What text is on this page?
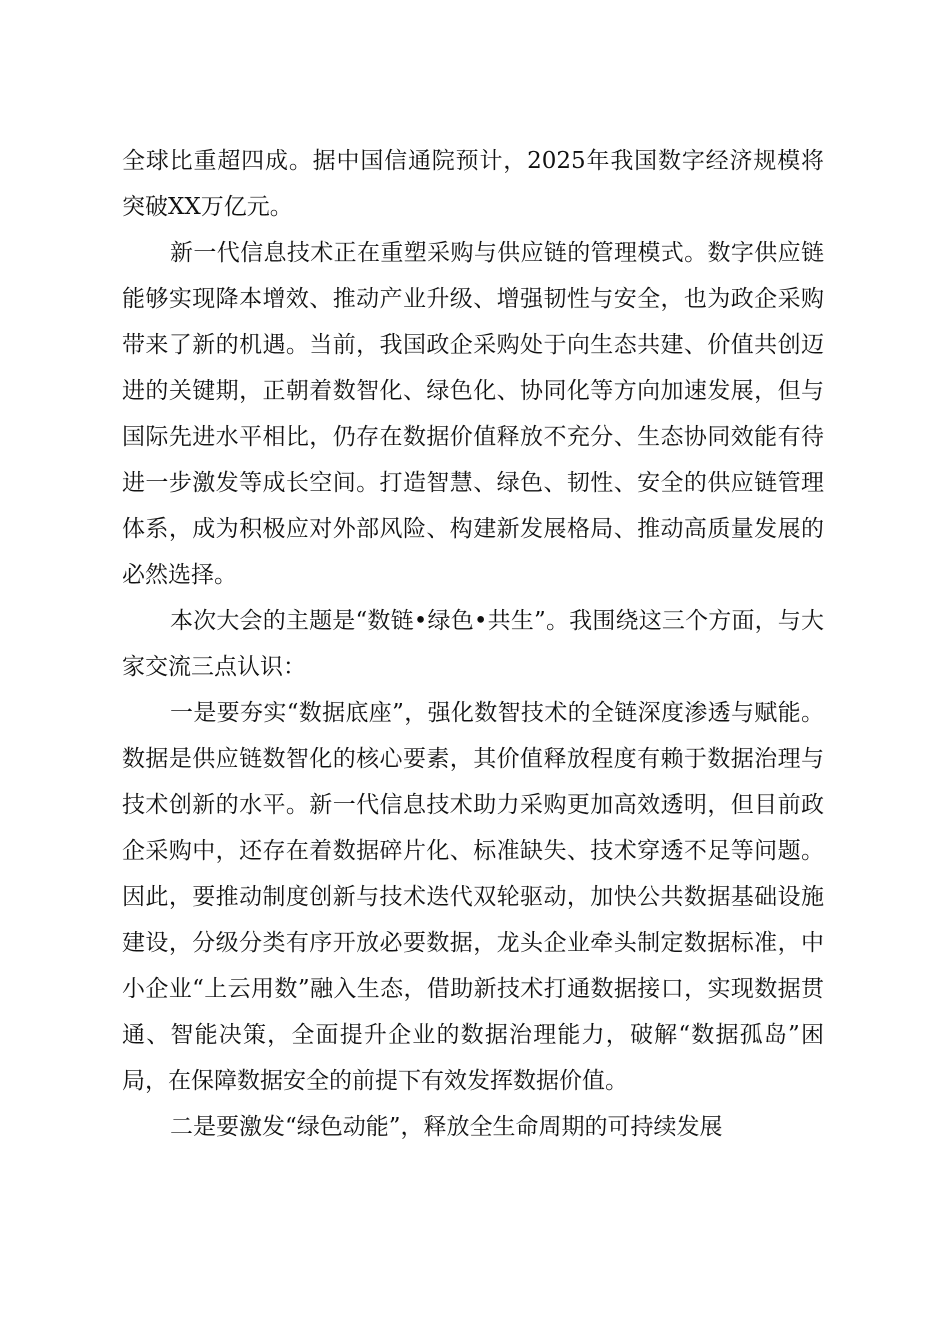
全球比重超四成。据中国信通院预计，2025年我国数字经济规模将突破XX万亿元。

新一代信息技术正在重塑采购与供应链的管理模式。数字供应链能够实现降本增效、推动产业升级、增强韧性与安全，也为政企采购带来了新的机遇。当前，我国政企采购处于向生态共建、价值共创迈进的关键期，正朝着数智化、绿色化、协同化等方向加速发展，但与国际先进水平相比，仍存在数据价值释放不充分、生态协同效能有待进一步激发等成长空间。打造智慧、绿色、韧性、安全的供应链管理体系，成为积极应对外部风险、构建新发展格局、推动高质量发展的必然选择。

本次大会的主题是“数链•绿色•共生”。我围绕这三个方面，与大家交流三点认识：

一是要夯实“数据底座”，强化数智技术的全链深度渗透与赋能。数据是供应链数智化的核心要素，其价值释放程度有赖于数据治理与技术创新的水平。新一代信息技术助力采购更加高效透明，但目前政企采购中，还存在着数据碎片化、标准缺失、技术穿透不足等问题。因此，要推动制度创新与技术迭代双轮驱动，加快公共数据基础设施建设，分级分类有序开放必要数据，龙头企业牵头制定数据标准，中小企业“上云用数”融入生态，借助新技术打通数据接口，实现数据贯通、智能决策，全面提升企业的数据治理能力，破解“数据孤岛”困局，在保障数据安全的前提下有效发挥数据价值。

二是要激发“绿色动能”，释放全生命周期的可持续发展
